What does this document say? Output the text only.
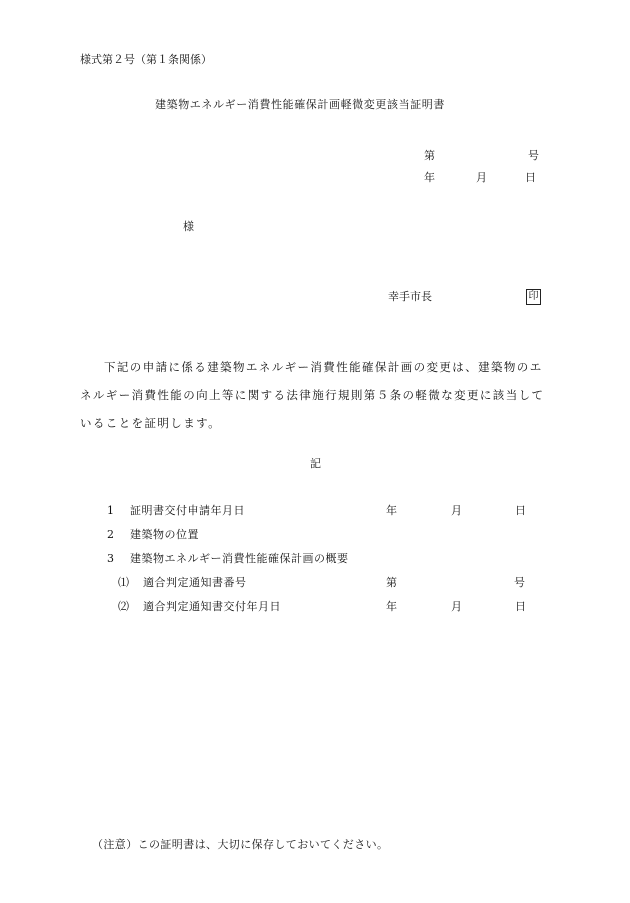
様式第２号（第１条関係）
建築物エネルギー消費性能確保計画軽微変更該当証明書
第	号
年	月	日
様
幸手市長	印

下記の申請に係る建築物エネルギー消費性能確保計画の変更は、建築物のエネルギー消費性能の向上等に関する法律施行規則第５条の軽微な変更に該当していることを証明します。

記
1 証明書交付申請年月日	年	月	日
2 建築物の位置
3 建築物エネルギー消費性能確保計画の概要
⑴ 適合判定通知書番号	第	号
⑵ 適合判定通知書交付年月日	年	月	日
（注意）この証明書は、大切に保存しておいてください。
